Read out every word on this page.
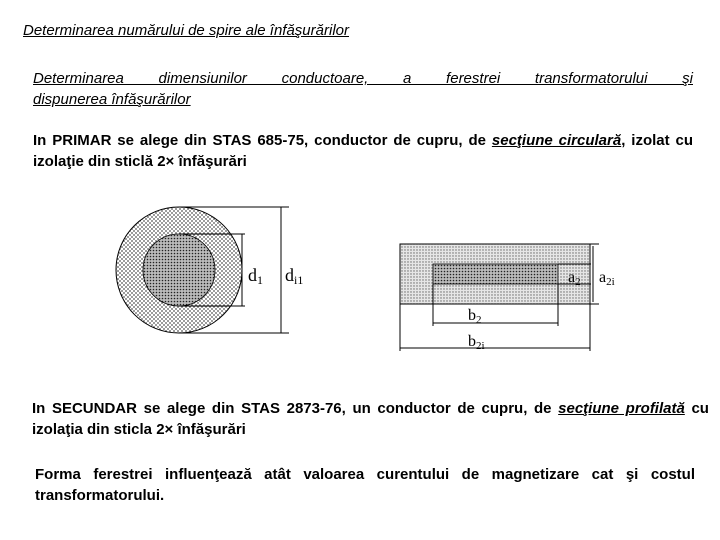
Determinarea numărului de spire ale înfăşurărilor
Determinarea dimensiunilor conductoare, a ferestrei transformatorului şi
dispunerea înfăşurărilor
In PRIMAR se alege din STAS 685-75, conductor de cupru, de secţiune circulară, izolat cu izolaţie din sticlă 2× înfăşurări
d1 di1	a2 a2i
b2
b2i
In SECUNDAR se alege din STAS 2873-76, un conductor de cupru, de secţiune profilată cu izolaţia din sticla 2× înfăşurări
Forma ferestrei influenţează atât valoarea curentului de magnetizare cat şi costul transformatorului.
